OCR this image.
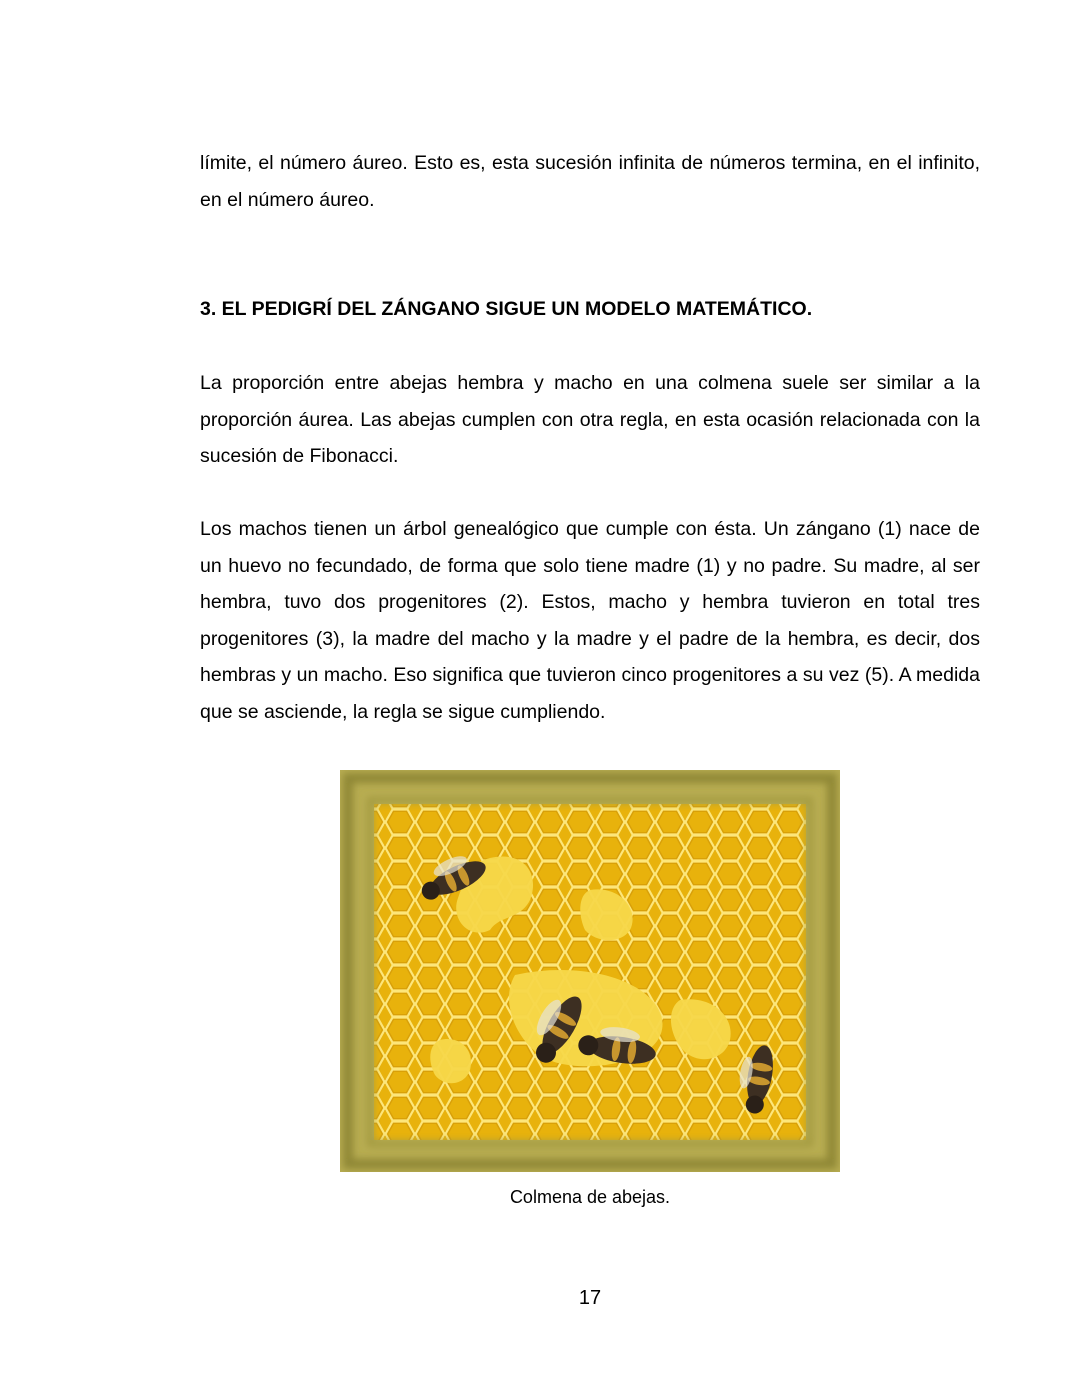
límite, el número áureo. Esto es, esta sucesión infinita de números termina, en el infinito, en el número áureo.
3. EL PEDIGRÍ DEL ZÁNGANO SIGUE UN MODELO MATEMÁTICO.
La proporción entre abejas hembra y macho en una colmena suele ser similar a la proporción áurea. Las abejas cumplen con otra regla, en esta ocasión relacionada con la sucesión de Fibonacci.
Los machos tienen un árbol genealógico que cumple con ésta. Un zángano (1) nace de un huevo no fecundado, de forma que solo tiene madre (1) y no padre. Su madre, al ser hembra, tuvo dos progenitores (2). Estos, macho y hembra tuvieron en total tres progenitores (3), la madre del macho y la madre y el padre de la hembra, es decir, dos hembras y un macho. Eso significa que tuvieron cinco progenitores a su vez (5). A medida que se asciende, la regla se sigue cumpliendo.
Colmena de abejas.
17
